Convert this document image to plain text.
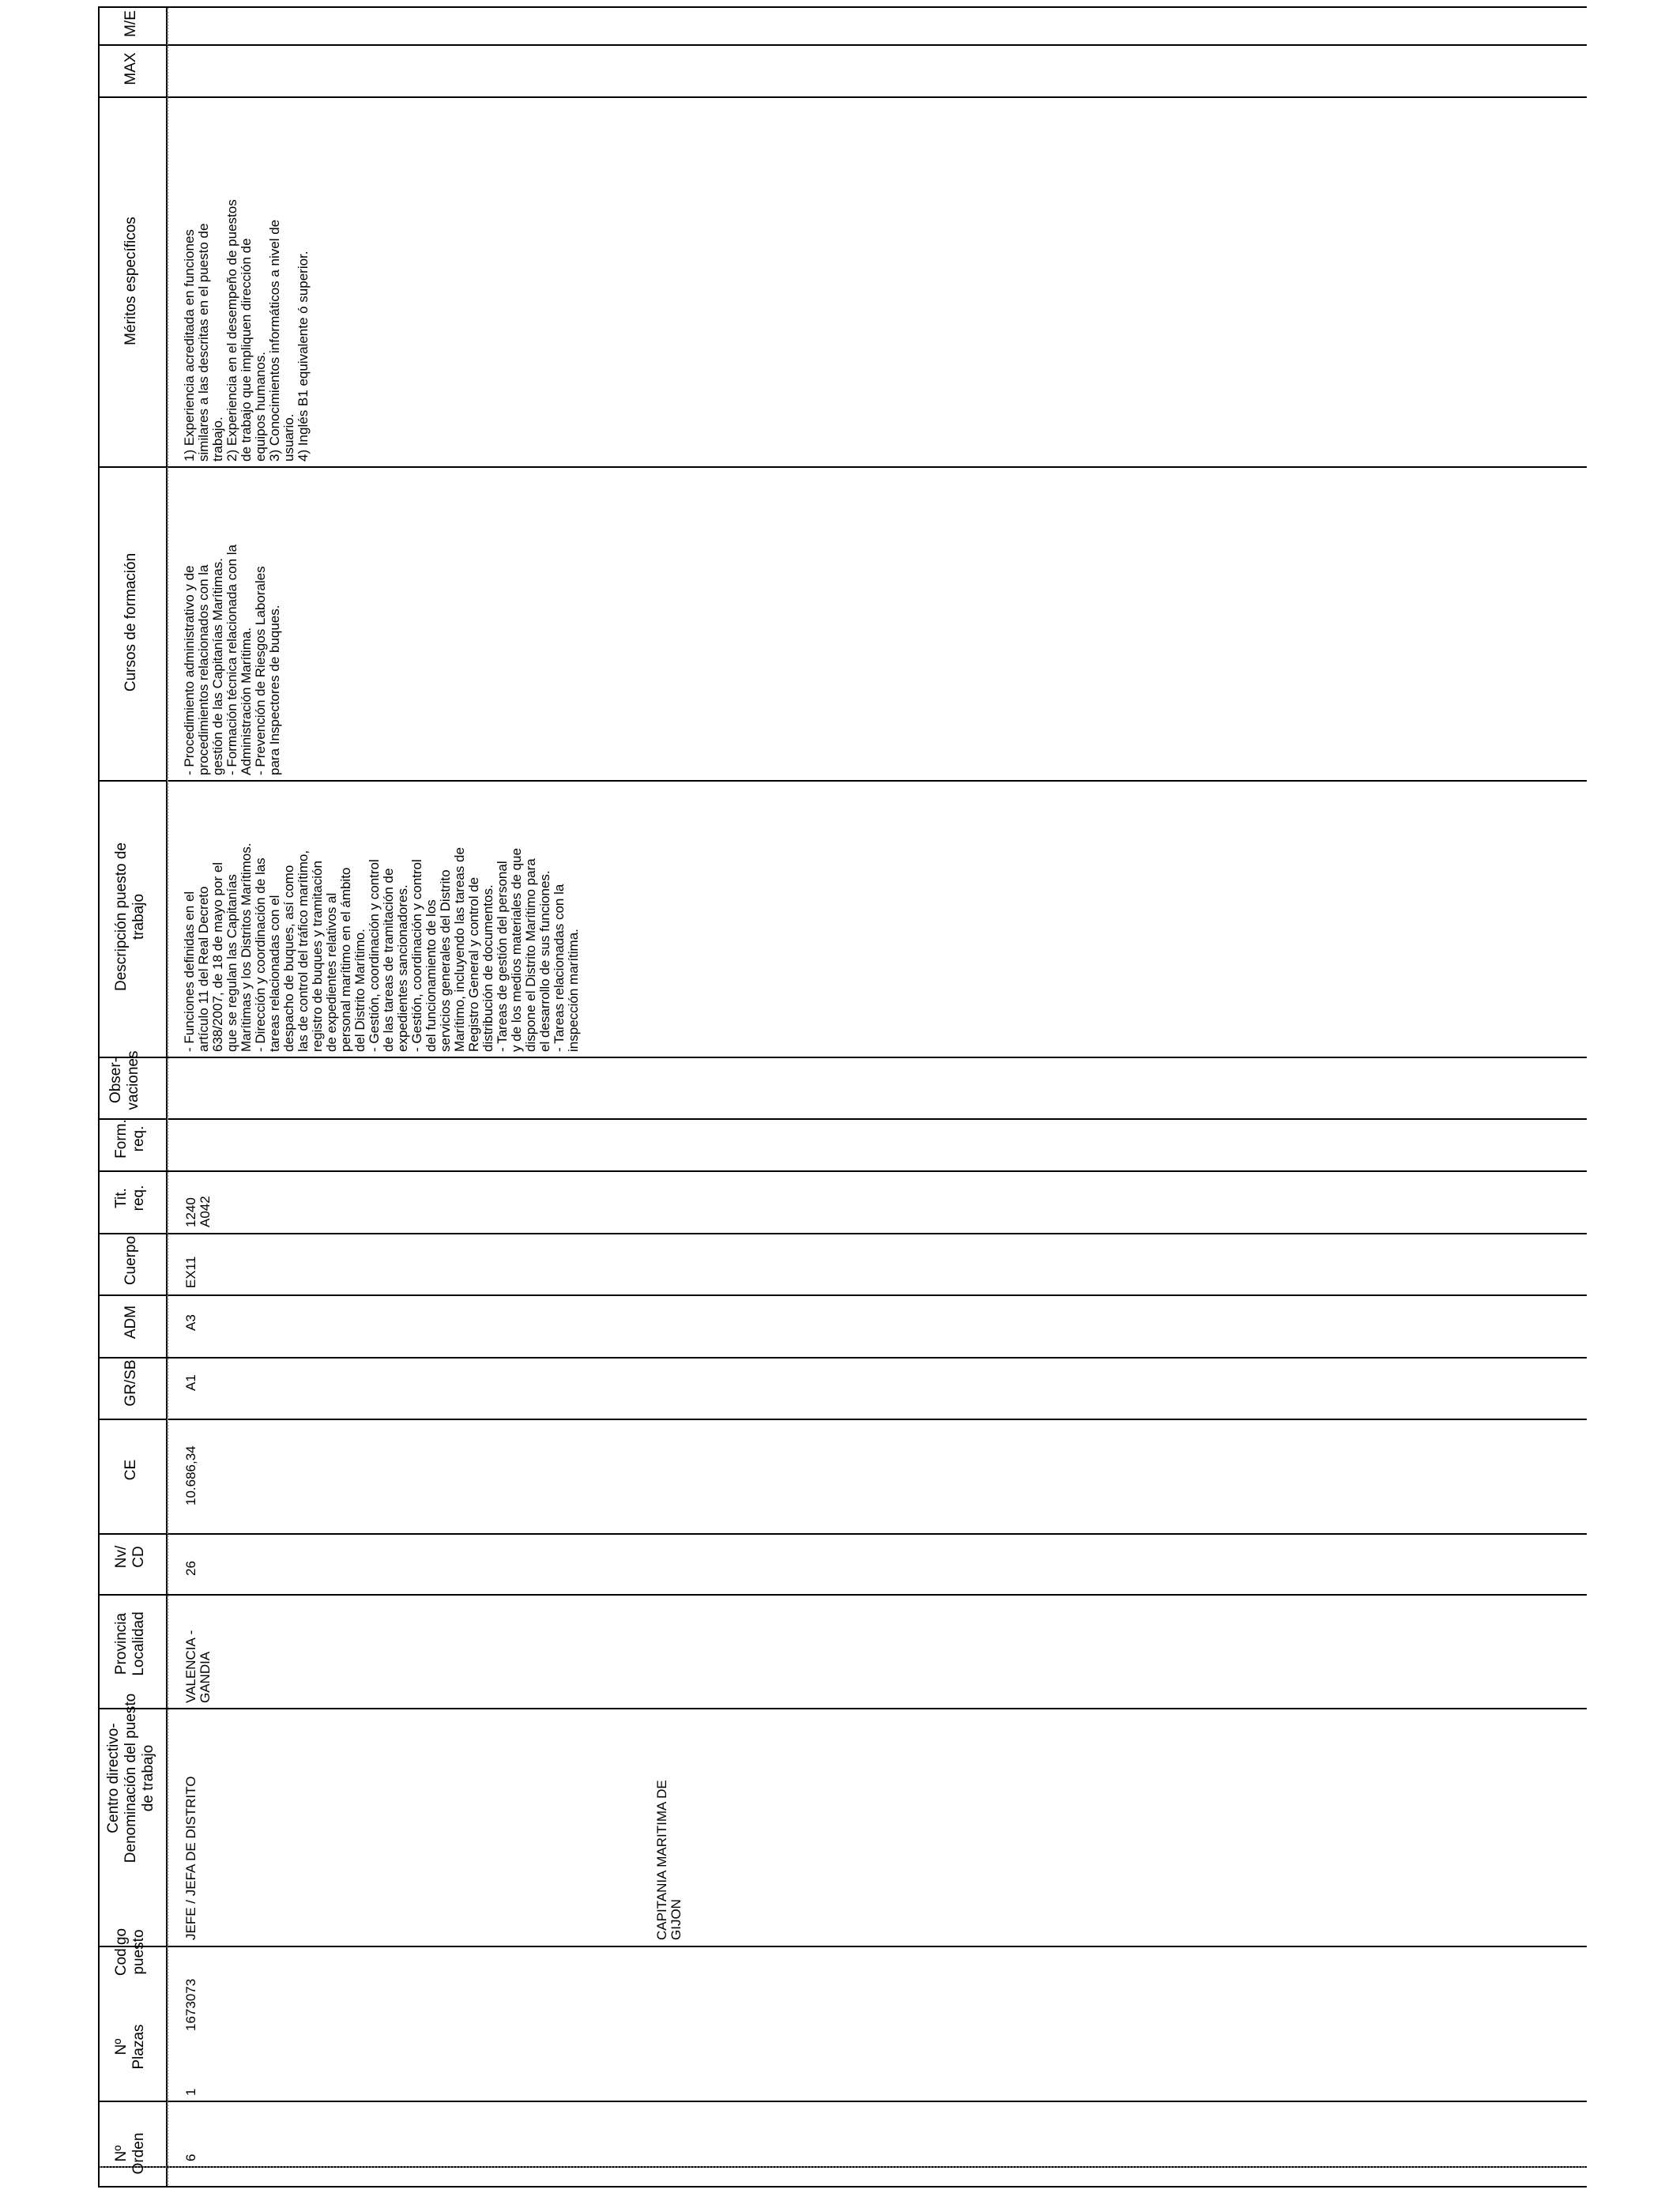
Nº
Orden
Nº
Plazas
Codigo
puesto
Centro directivo-
Denominación del puesto
de trabajo
Provincia
Localidad
Nv/
CD
CE
GR/SB
ADM
Cuerpo
Tit.
req.
Form.
req.
Obser-
vaciones
Descripción puesto de
trabajo
Cursos de formación
Méritos específicos
MAX
M/E
6
1
1673073
JEFE / JEFA DE DISTRITO	CAPITANIA MARITIMA DE
GIJON
VALENCIA -
GANDIA
26
10.686,34
A1
A3
EX11
1240
A042
- Funciones definidas en el
artículo 11 del Real Decreto
638/2007, de 18 de mayo por el
que se regulan las Capitanías
Marítimas y los Distritos Marítimos.
- Dirección y coordinación de las
tareas relacionadas con el
despacho de buques, así como
las de control del tráfico marítimo,
registro de buques y tramitación
de expedientes relativos al
personal marítimo en el ámbito
del Distrito Marítimo.
- Gestión, coordinación y control
de las tareas de tramitación de
expedientes sancionadores.
- Gestión, coordinación y control
del funcionamiento de los
servicios generales del Distrito
Marítimo, incluyendo las tareas de
Registro General y control de
distribución de documentos.
- Tareas de gestión del personal
y de los medios materiales de que
dispone el Distrito Marítimo para
el desarrollo de sus funciones.
- Tareas relacionadas con la
inspección marítima.
- Procedimiento administrativo y de
procedimientos relacionados con la
gestión de las Capitanías Marítimas.
- Formación técnica relacionada con la
Administración Marítima.
- Prevención de Riesgos Laborales
para Inspectores de buques.
1) Experiencia acreditada en funciones
similares a las descritas en el puesto de
trabajo.
2) Experiencia en el desempeño de puestos
de trabajo que impliquen dirección de
equipos humanos.
3) Conocimientos informáticos a nivel de
usuario.
4) Inglés B1 equivalente ó superior.
